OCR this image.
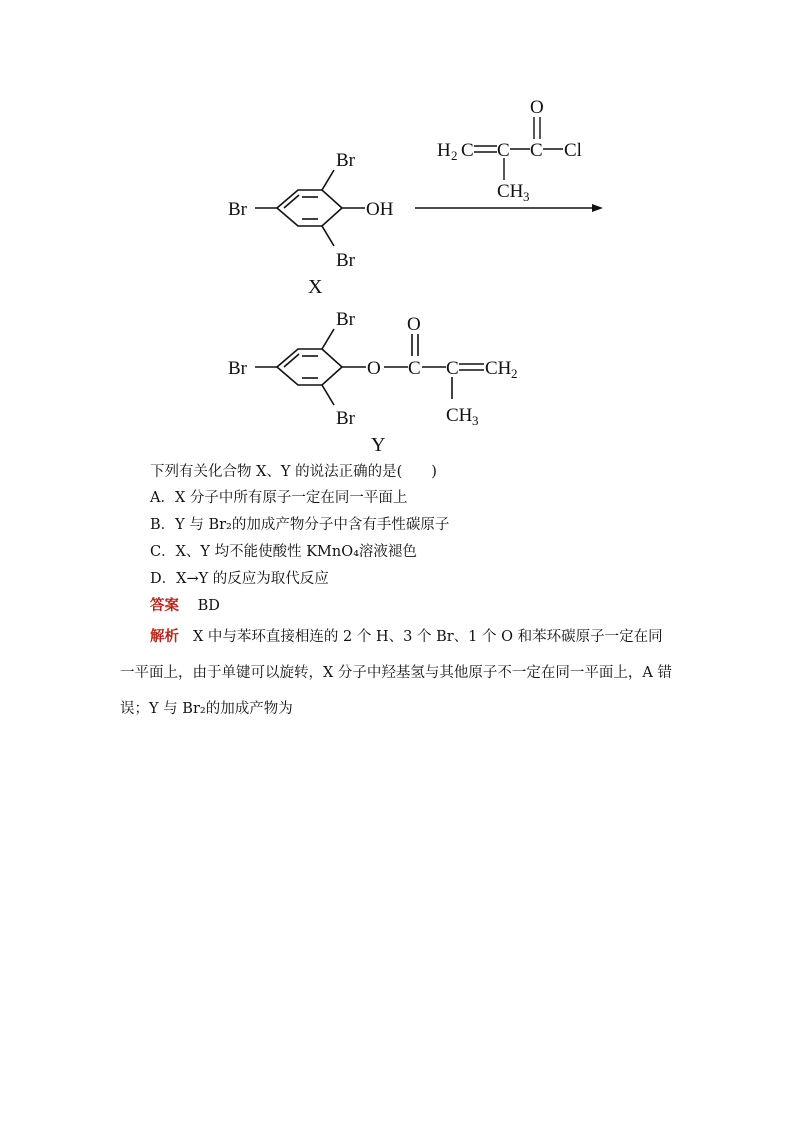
Br
Br
Br
OH
X
H 2 C C C
O
Cl
CH 3
Br
Br
Br
O C
O
C CH 2
CH 3
Y
下列有关化合物 X、Y 的说法正确的是(　　)
A．X 分子中所有原子一定在同一平面上
B．Y 与 Br₂的加成产物分子中含有手性碳原子
C．X、Y 均不能使酸性 KMnO₄溶液褪色
D．X→Y 的反应为取代反应
答案 BD
解析 X 中与苯环直接相连的 2 个 H、3 个 Br、1 个 O 和苯环碳原子一定在同一平面上，由于单键可以旋转，X 分子中羟基氢与其他原子不一定在同一平面上，A 错误；Y 与 Br₂的加成产物为
